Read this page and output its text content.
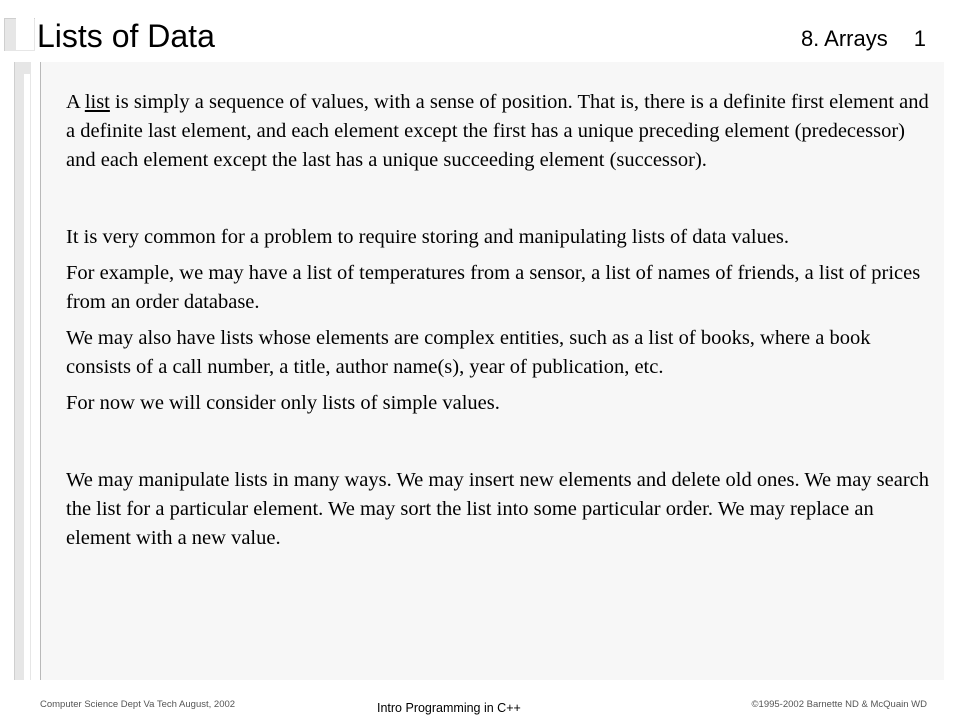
Lists of Data	8. Arrays 1

A list is simply a sequence of values, with a sense of position. That is, there is a definite first element and a definite last element, and each element except the first has a unique preceding element (predecessor) and each element except the last has a unique succeeding element (successor).

It is very common for a problem to require storing and manipulating lists of data values.

For example, we may have a list of temperatures from a sensor, a list of names of friends, a list of prices from an order database.

We may also have lists whose elements are complex entities, such as a list of books, where a book consists of a call number, a title, author name(s), year of publication, etc.

For now we will consider only lists of simple values.

We may manipulate lists in many ways. We may insert new elements and delete old ones. We may search the list for a particular element. We may sort the list into some particular order. We may replace an element with a new value.

Computer Science Dept Va Tech August, 2002	Intro Programming in C++	©1995-2002 Barnette ND & McQuain WD
